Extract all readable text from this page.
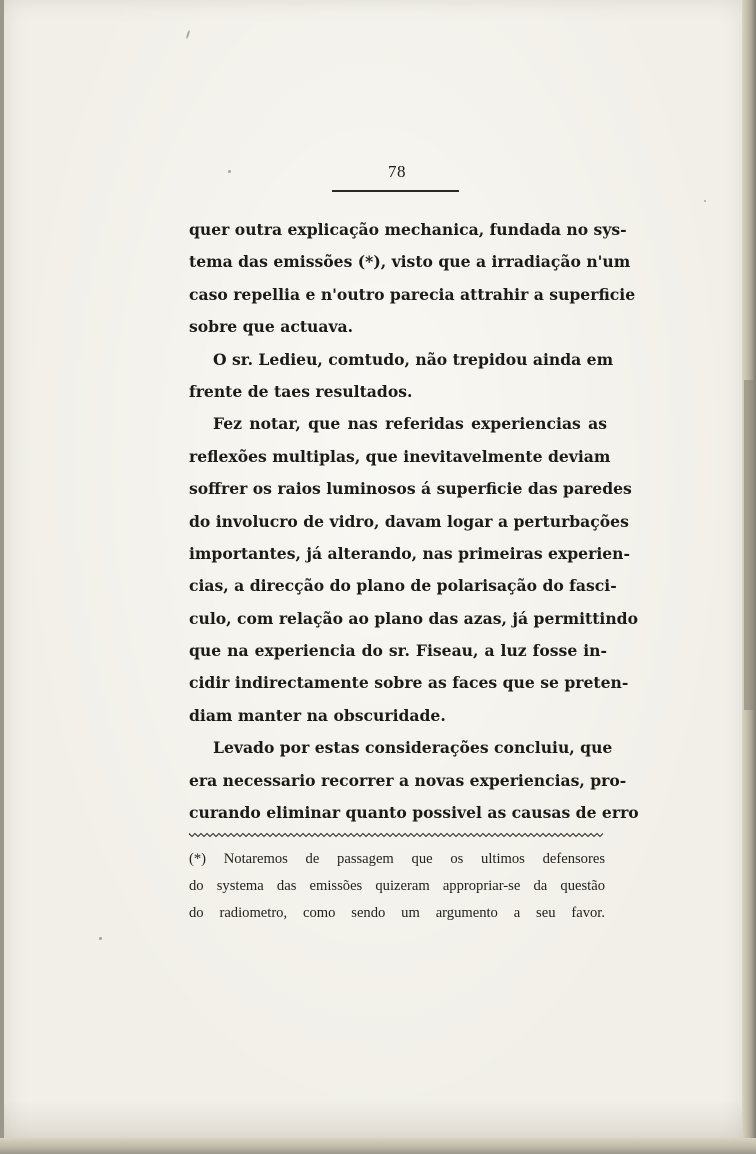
78
quer outra explicação mechanica, fundada no sys-
tema das emissões (*), visto que a irradiação n'um
caso repellia e n'outro parecia attrahir a superficie
sobre que actuava.
O sr. Ledieu, comtudo, não trepidou ainda em
frente de taes resultados.
Fez notar, que nas referidas experiencias as
reflexões multiplas, que inevitavelmente deviam
soffrer os raios luminosos á superficie das paredes
do involucro de vidro, davam logar a perturbações
importantes, já alterando, nas primeiras experien-
cias, a direcção do plano de polarisação do fasci-
culo, com relação ao plano das azas, já permittindo
que na experiencia do sr. Fiseau, a luz fosse in-
cidir indirectamente sobre as faces que se preten-
diam manter na obscuridade.
Levado por estas considerações concluiu, que
era necessario recorrer a novas experiencias, pro-
curando eliminar quanto possivel as causas de erro
(*) Notaremos de passagem que os ultimos defensores
do systema das emissões quizeram appropriar-se da questão
do radiometro, como sendo um argumento a seu favor.
